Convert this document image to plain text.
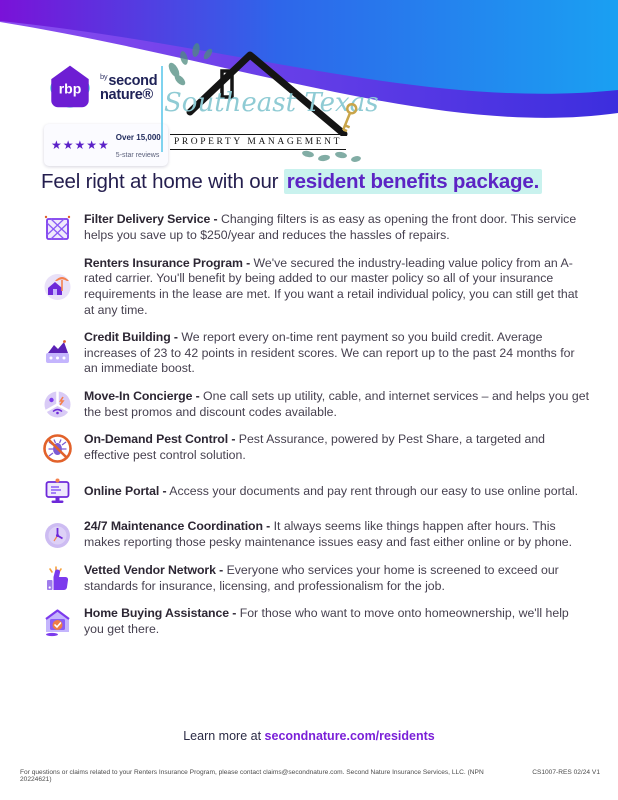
rbp
$^{by}$second
nature®
★★★★★
Over 15,000
5-star reviews
Southeast Texas
PROPERTY MANAGEMENT
Feel right at home with our resident benefits package.

Filter Delivery Service - Changing filters is as easy as opening the front door. This service helps you save up to $250/year and reduces the hassles of repairs.

Renters Insurance Program - We've secured the industry-leading value policy from an A-rated carrier. You'll benefit by being added to our master policy so all of your insurance requirements in the lease are met. If you want a retail individual policy, you can still get that at any time.

Credit Building - We report every on-time rent payment so you build credit. Average increases of 23 to 42 points in resident scores. We can report up to the past 24 months for an immediate boost.

Move-In Concierge - One call sets up utility, cable, and internet services – and helps you get the best promos and discount codes available.

On-Demand Pest Control - Pest Assurance, powered by Pest Share, a targeted and effective pest control solution.

Online Portal - Access your documents and pay rent through our easy to use online portal.

24/7 Maintenance Coordination - It always seems like things happen after hours. This makes reporting those pesky maintenance issues easy and fast either online or by phone.

Vetted Vendor Network - Everyone who services your home is screened to exceed our standards for insurance, licensing, and professionalism for the job.

Home Buying Assistance - For those who want to move onto homeownership, we'll help you get there.

Learn more at secondnature.com/residents
For questions or claims related to your Renters Insurance Program, please contact claims@secondnature.com. Second Nature Insurance Services, LLC. (NPN 20224621)
CS1007-RES 02/24 V1
